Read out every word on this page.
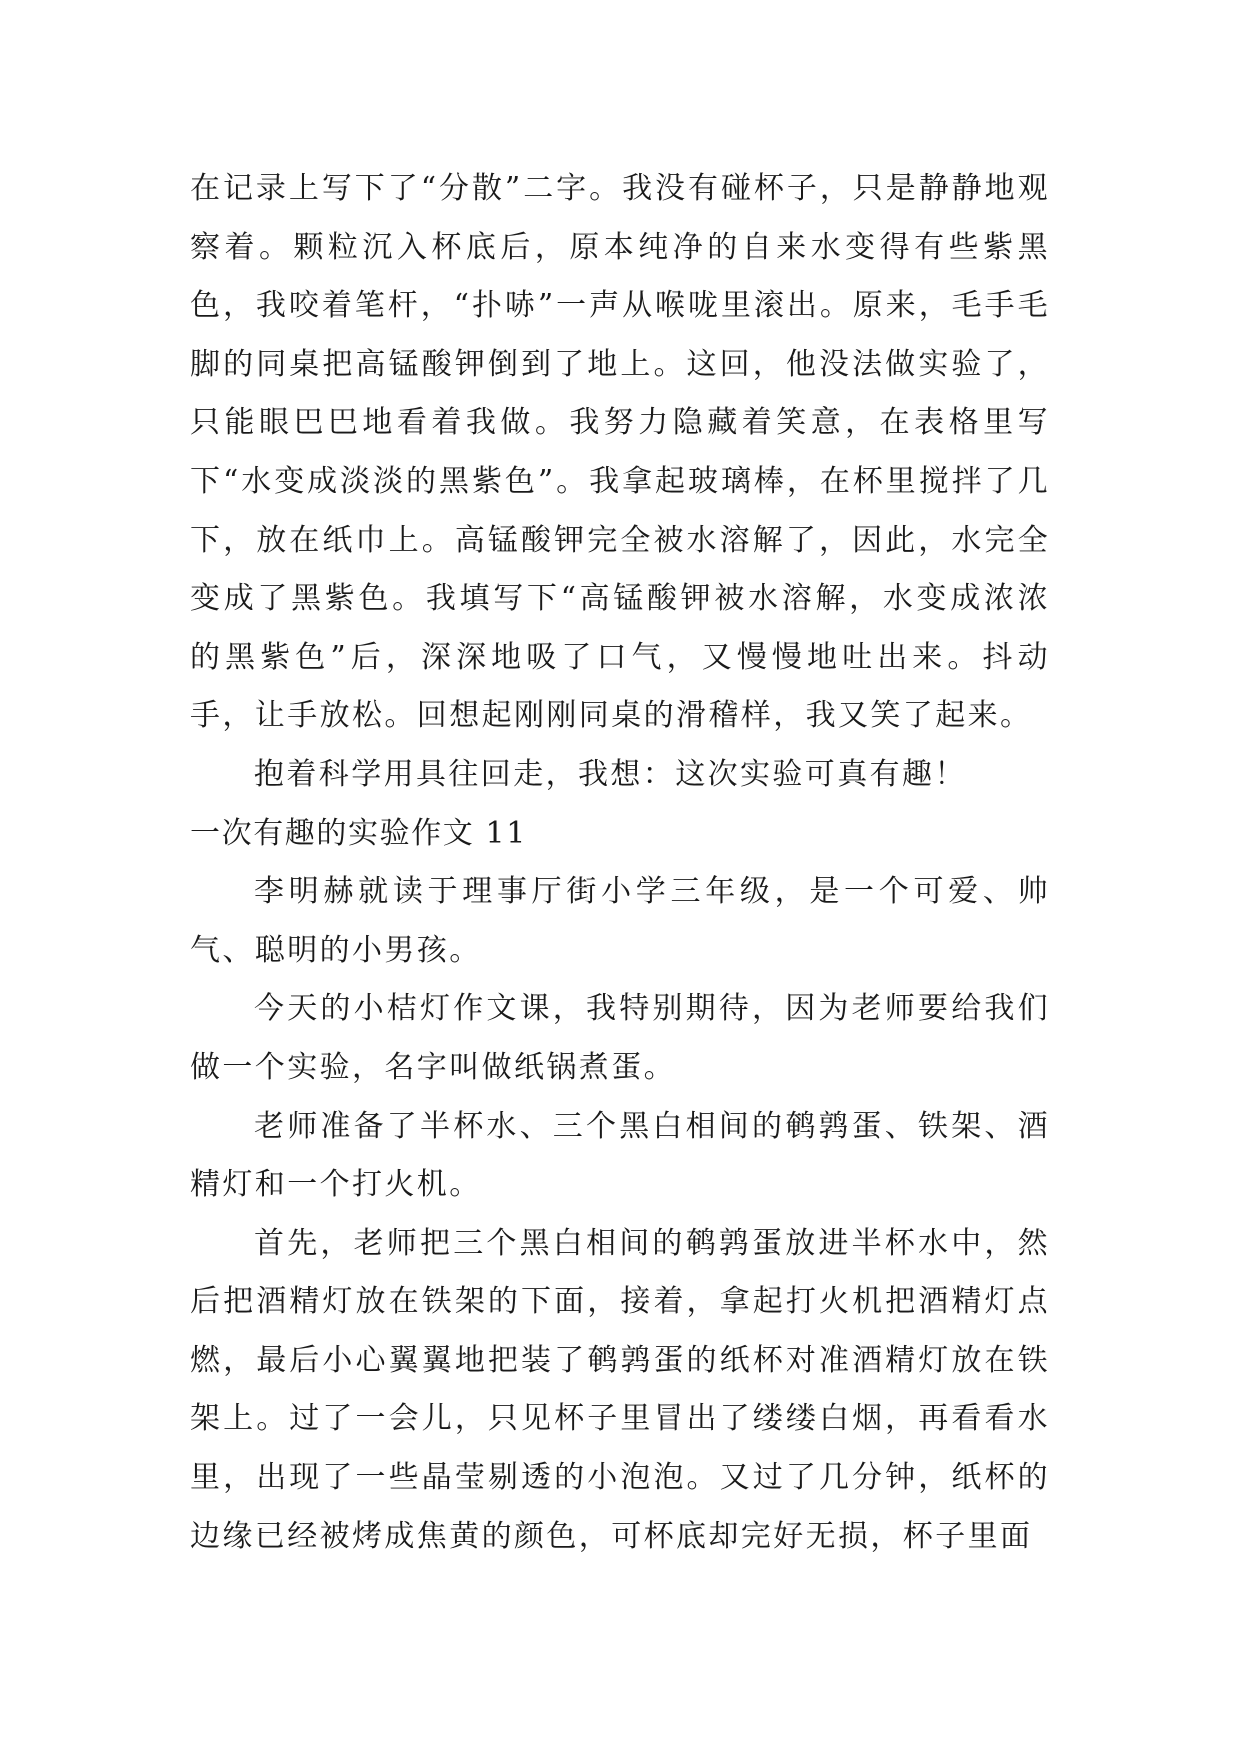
在记录上写下了“分散”二字。我没有碰杯子，只是静静地观察着。颗粒沉入杯底后，原本纯净的自来水变得有些紫黑色，我咬着笔杆，“扑哧”一声从喉咙里滚出。原来，毛手毛脚的同桌把高锰酸钾倒到了地上。这回，他没法做实验了，只能眼巴巴地看着我做。我努力隐藏着笑意，在表格里写下“水变成淡淡的黑紫色”。我拿起玻璃棒，在杯里搅拌了几下，放在纸巾上。高锰酸钾完全被水溶解了，因此，水完全变成了黑紫色。我填写下“高锰酸钾被水溶解，水变成浓浓的黑紫色”后，深深地吸了口气，又慢慢地吐出来。抖动手，让手放松。回想起刚刚同桌的滑稽样，我又笑了起来。

抱着科学用具往回走，我想：这次实验可真有趣！

一次有趣的实验作文 11

李明赫就读于理事厅街小学三年级，是一个可爱、帅气、聪明的小男孩。

今天的小桔灯作文课，我特别期待，因为老师要给我们做一个实验，名字叫做纸锅煮蛋。

老师准备了半杯水、三个黑白相间的鹌鹑蛋、铁架、酒精灯和一个打火机。

首先，老师把三个黑白相间的鹌鹑蛋放进半杯水中，然后把酒精灯放在铁架的下面，接着，拿起打火机把酒精灯点燃，最后小心翼翼地把装了鹌鹑蛋的纸杯对准酒精灯放在铁架上。过了一会儿，只见杯子里冒出了缕缕白烟，再看看水里，出现了一些晶莹剔透的小泡泡。又过了几分钟，纸杯的边缘已经被烤成焦黄的颜色，可杯底却完好无损，杯子里面
